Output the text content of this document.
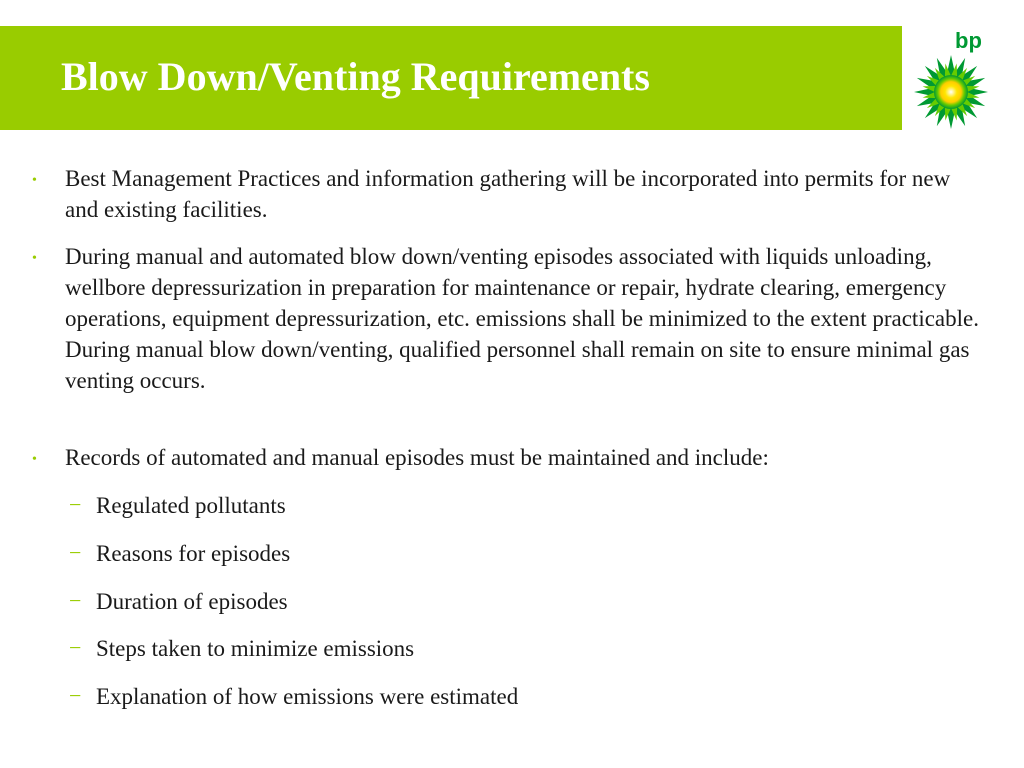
Blow Down/Venting Requirements
bp
• Best Management Practices and information gathering will be incorporated into permits for new and existing facilities.
• During manual and automated blow down/venting episodes associated with liquids unloading, wellbore depressurization in preparation for maintenance or repair, hydrate clearing, emergency operations, equipment depressurization, etc. emissions shall be minimized to the extent practicable. During manual blow down/venting, qualified personnel shall remain on site to ensure minimal gas venting occurs.
• Records of automated and manual episodes must be maintained and include:
− Regulated pollutants
− Reasons for episodes
− Duration of episodes
− Steps taken to minimize emissions
− Explanation of how emissions were estimated
